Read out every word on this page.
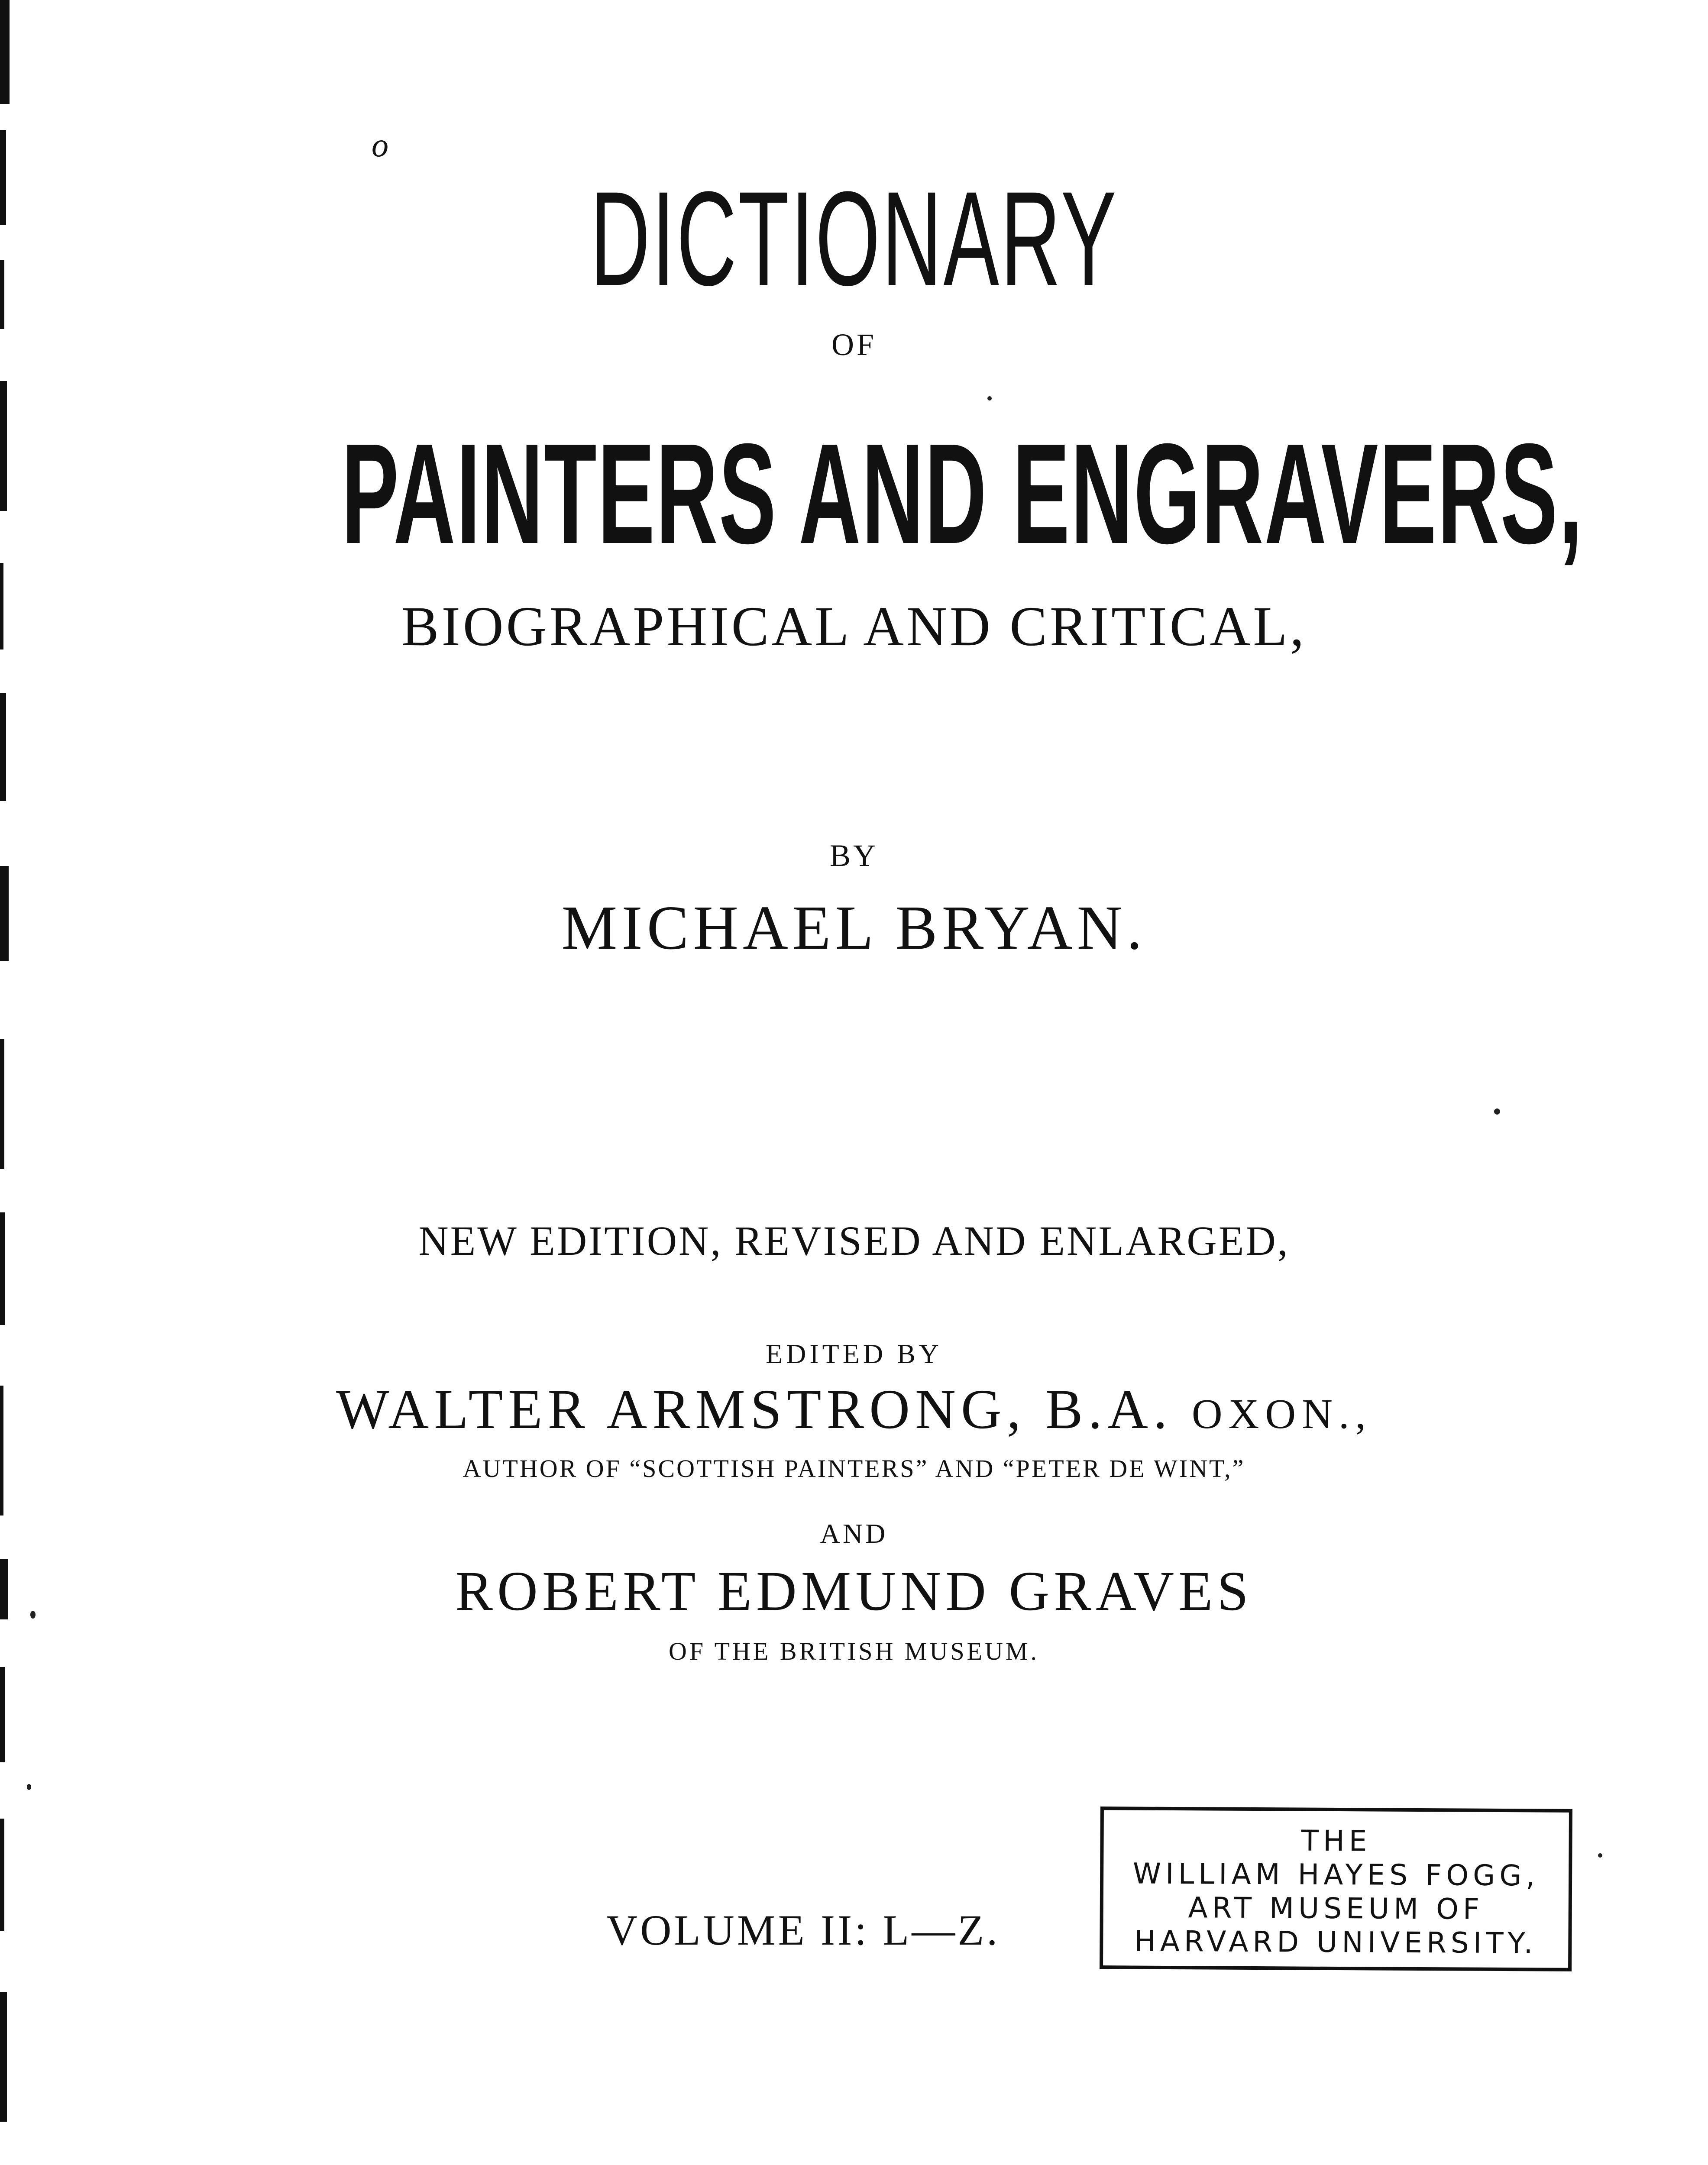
o
DICTIONARY
OF
PAINTERS AND ENGRAVERS,
BIOGRAPHICAL AND CRITICAL,
BY
MICHAEL BRYAN.
NEW EDITION, REVISED AND ENLARGED,
EDITED BY
WALTER ARMSTRONG, B.A. OXON.,
AUTHOR OF “SCOTTISH PAINTERS” AND “PETER DE WINT,”
AND
ROBERT EDMUND GRAVES
OF THE BRITISH MUSEUM.
VOLUME II: L—Z.
THE
WILLIAM HAYES FOGG,
ART MUSEUM OF
HARVARD UNIVERSITY.
